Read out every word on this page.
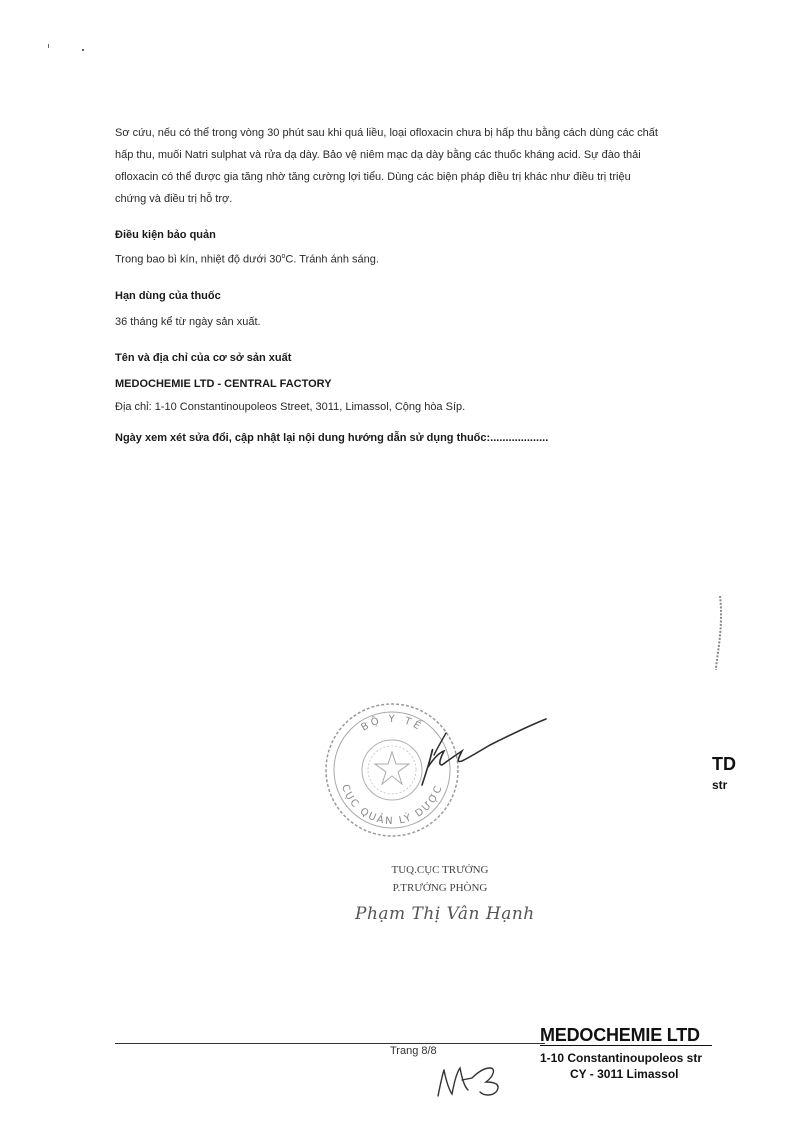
Sơ cứu, nếu có thể trong vòng 30 phút sau khi quá liều, loại ofloxacin chưa bị hấp thu bằng cách dùng các chất
hấp thu, muối Natri sulphat và rửa dạ dày. Bảo vệ niêm mạc dạ dày bằng các thuốc kháng acid. Sự đào thải
ofloxacin có thể được gia tăng nhờ tăng cường lợi tiểu. Dùng các biện pháp điều trị khác như điều trị triệu
chứng và điều trị hỗ trợ.
Điều kiện bảo quản
Trong bao bì kín, nhiệt độ dưới 30$^o$C. Tránh ánh sáng.
Hạn dùng của thuốc
36 tháng kể từ ngày sản xuất.
Tên và địa chỉ của cơ sở sản xuất
MEDOCHEMIE LTD - CENTRAL FACTORY
Địa chỉ: 1-10 Constantinoupoleos Street, 3011, Limassol, Cộng hòa Síp.
Ngày xem xét sửa đổi, cập nhật lại nội dung hướng dẫn sử dụng thuốc:...................
TD
str
BỘ Y TẾ
CỤC QUẢN LÝ DƯỢC
TUQ.CỤC TRƯỞNG
P.TRƯỞNG PHÒNG
Phạm Thị Vân Hạnh
Trang 8/8
MEDOCHEMIE LTD
1-10 Constantinoupoleos str
CY - 3011 Limassol
